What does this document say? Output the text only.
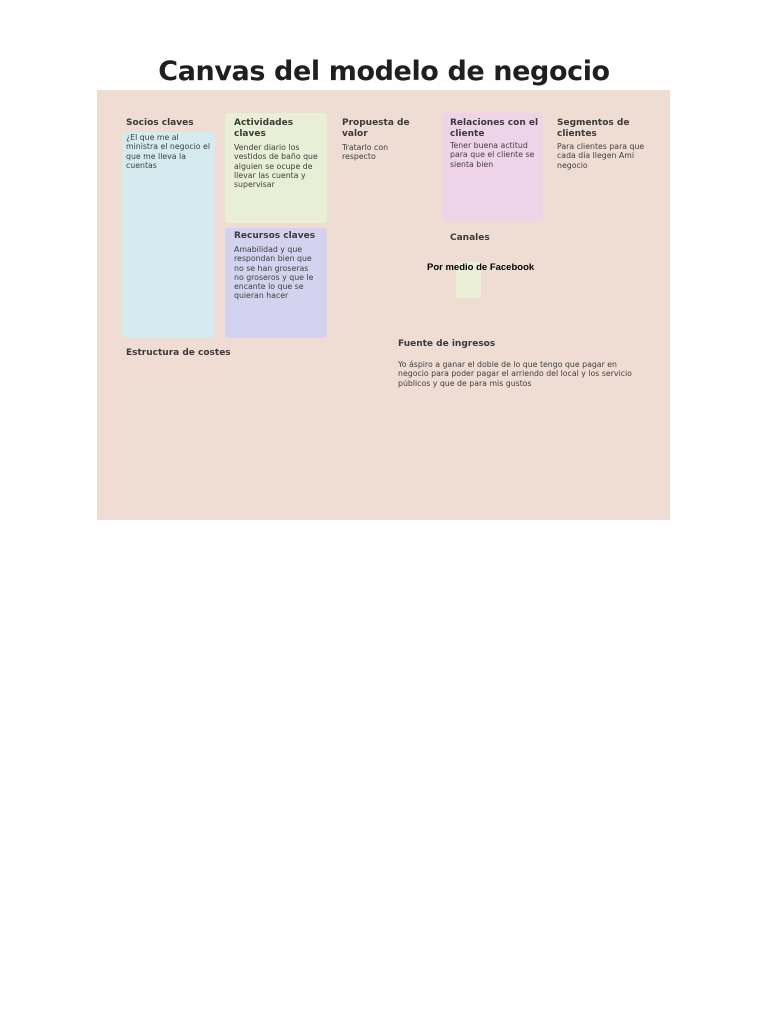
Canvas del modelo de negocio
Socios claves
¿El que me al ministra el negocio el que me lleva la cuentas
Actividades claves
Vender diario los vestidos de baño que alguien se ocupe de llevar las cuenta y supervisar
Recursos claves
Amabilidad y que respondan bien que no se han groseras no groseros y que le encante lo que se quieran hacer
Propuesta de valor
Tratarlo con respecto
Relaciones con el cliente
Tener buena actitud para que el cliente se sienta bien
Canales
Por medio de Facebook
Segmentos de clientes
Para clientes para que cada día llegen Ami negocio
Estructura de costes
Fuente de ingresos
Yo áspiro a ganar el doble de lo que tengo que pagar en negocio para poder pagar el arriendo del local y los servicio públicos y que de para mis gustos
